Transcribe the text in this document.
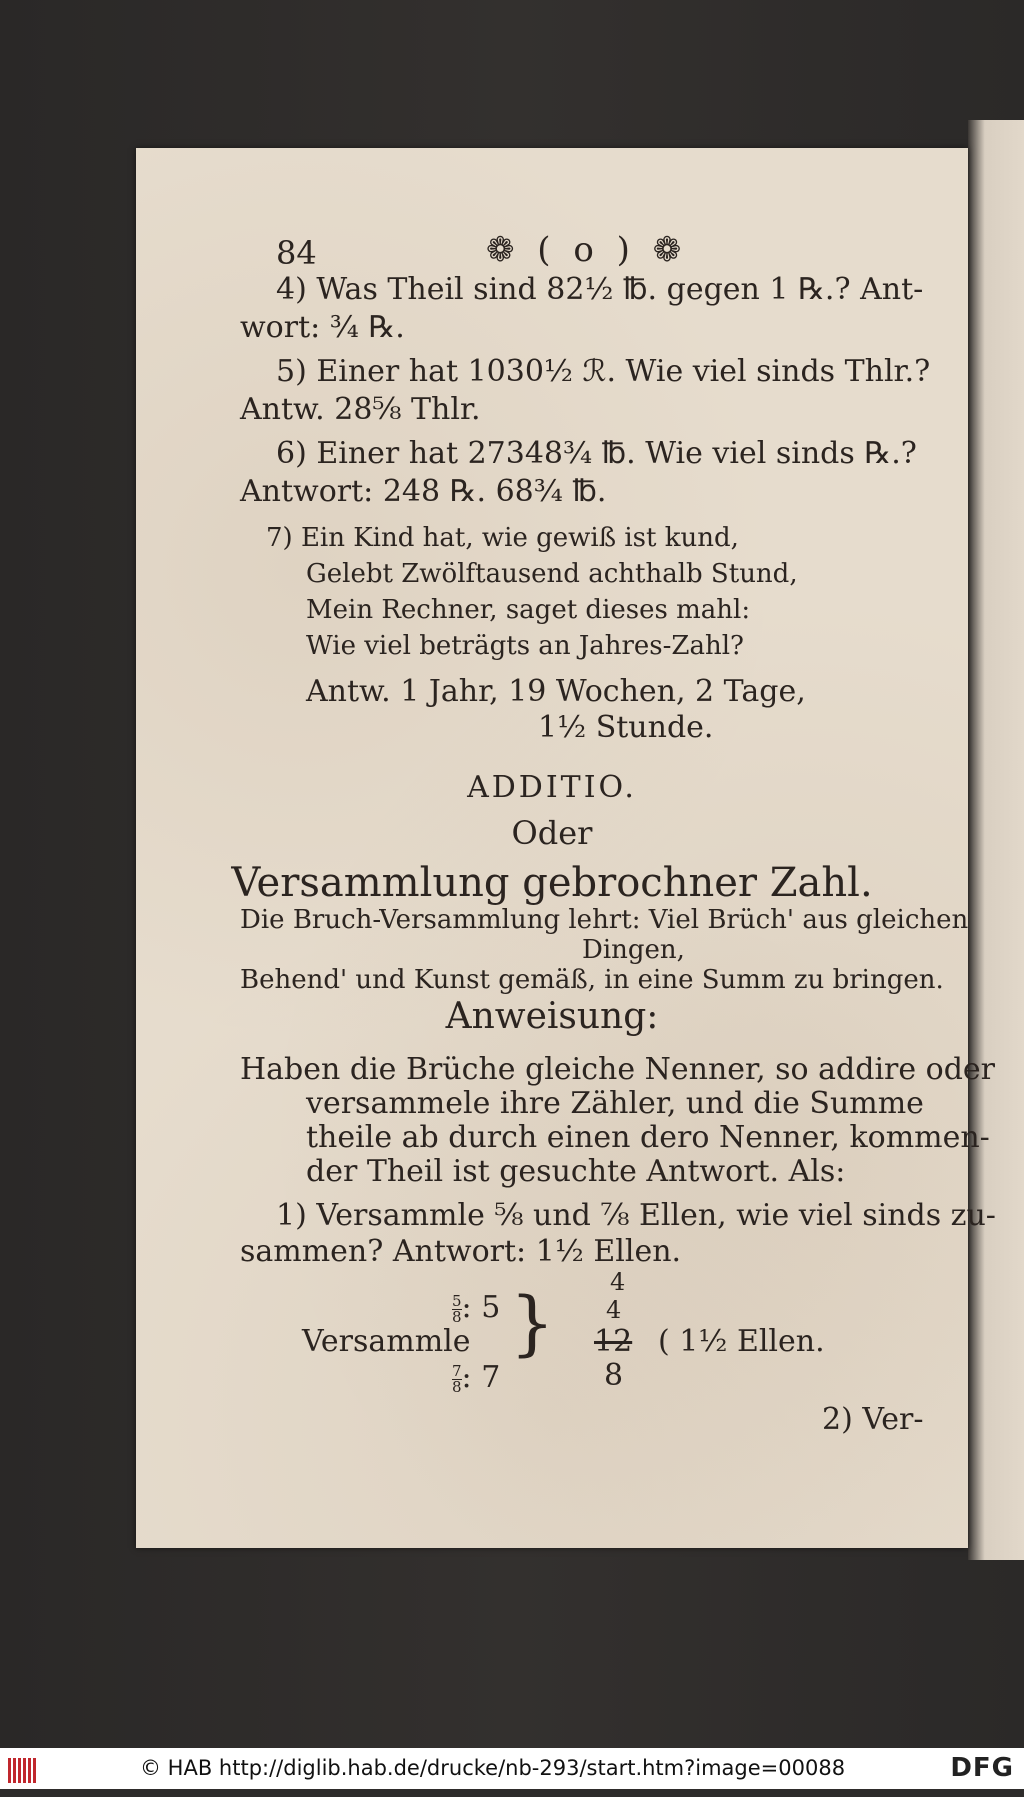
84	❁ ( o ) ❁
4) Was Theil sind 82½ ℔. gegen 1 ℞.? Ant-
wort: ¾ ℞.
5) Einer hat 1030½ ℛ. Wie viel sinds Thlr.?
Antw. 28⅝ Thlr.
6) Einer hat 27348¾ ℔. Wie viel sinds ℞.?
Antwort: 248 ℞. 68¾ ℔.
7) Ein Kind hat, wie gewiß ist kund,
Gelebt Zwölftausend achthalb Stund,
Mein Rechner, saget dieses mahl:
Wie viel beträgts an Jahres-Zahl?
Antw. 1 Jahr, 19 Wochen, 2 Tage,
1½ Stunde.
ADDITIO.
Oder
Versammlung gebrochner Zahl.
Die Bruch-Versammlung lehrt: Viel Brüch' aus gleichen
Dingen,
Behend' und Kunst gemäß, in eine Summ zu bringen.
Anweisung:
Haben die Brüche gleiche Nenner, so addire oder
versammele ihre Zähler, und die Summe
theile ab durch einen dero Nenner, kommen-
der Theil ist gesuchte Antwort. Als:
1) Versammle ⅝ und ⅞ Ellen, wie viel sinds zu-
sammen? Antwort: 1½ Ellen.
4
$\frac{5}{8}$ : 5
Versammle
$\frac{7}{8}$ : 7
} 4
12
8
( 1½ Ellen.
2) Ver-
© HAB http://diglib.hab.de/drucke/nb-293/start.htm?image=00088	DFG
